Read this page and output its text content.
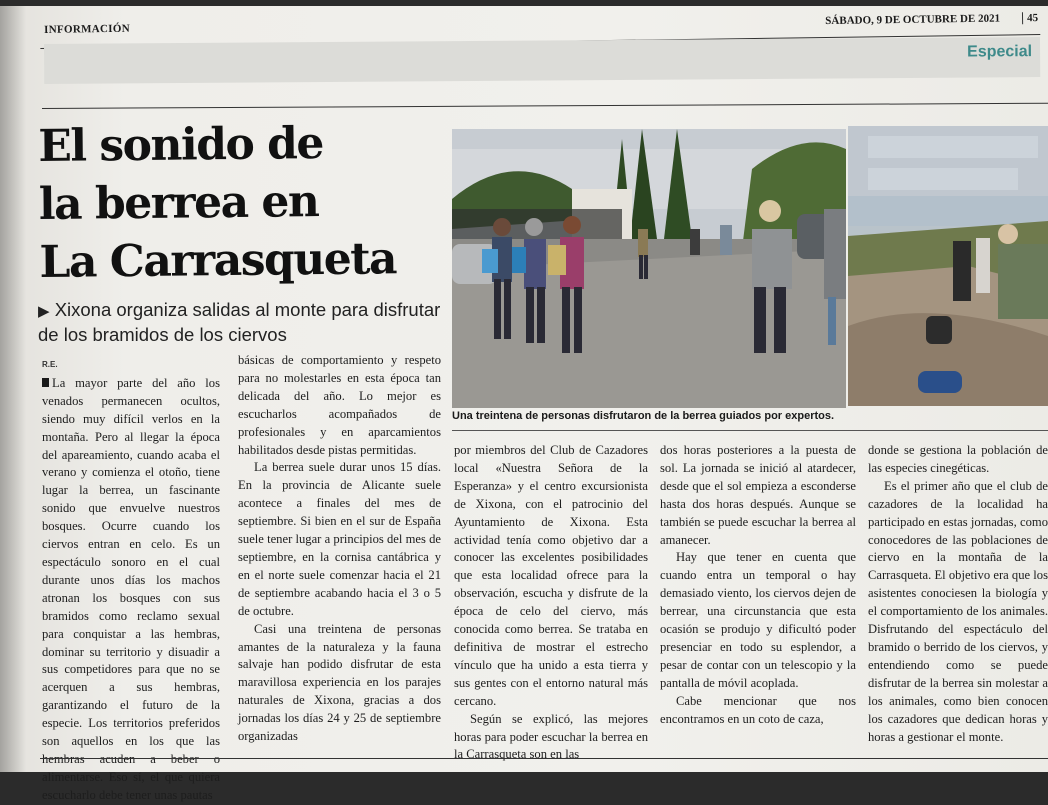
INFORMACIÓN
SÁBADO, 9 DE OCTUBRE DE 2021	45
Especial
El sonido de
la berrea en
La Carrasqueta

▶ Xixona organiza salidas al monte para disfrutar de los bramidos de los ciervos

Una treintena de personas disfrutaron de la berrea guiados por expertos.
R.E.

La mayor parte del año los venados permanecen ocultos, siendo muy difícil verlos en la montaña. Pero al llegar la época del apareamiento, cuando acaba el verano y comienza el otoño, tiene lugar la berrea, un fascinante sonido que envuelve nuestros bosques. Ocurre cuando los ciervos entran en celo. Es un espectáculo sonoro en el cual durante unos días los machos atronan los bosques con sus bramidos como reclamo sexual para conquistar a las hembras, dominar su territorio y disuadir a sus competidores para que no se acerquen a sus hembras, garantizando el futuro de la especie. Los territorios preferidos son aquellos en los que las hembras acuden a beber o alimentarse. Eso sí, el que quiera escucharlo debe tener unas pautas

básicas de comportamiento y respeto para no molestarles en esta época tan delicada del año. Lo mejor es escucharlos acompañados de profesionales y en aparcamientos habilitados desde pistas permitidas.

La berrea suele durar unos 15 días. En la provincia de Alicante suele acontece a finales del mes de septiembre. Si bien en el sur de España suele tener lugar a principios del mes de septiembre, en la cornisa cantábrica y en el norte suele comenzar hacia el 21 de septiembre acabando hacia el 3 o 5 de octubre.

Casi una treintena de personas amantes de la naturaleza y la fauna salvaje han podido disfrutar de esta maravillosa experiencia en los parajes naturales de Xixona, gracias a dos jornadas los días 24 y 25 de septiembre organizadas

por miembros del Club de Cazadores local «Nuestra Señora de la Esperanza» y el centro excursionista de Xixona, con el patrocinio del Ayuntamiento de Xixona. Esta actividad tenía como objetivo dar a conocer las excelentes posibilidades que esta localidad ofrece para la observación, escucha y disfrute de la época de celo del ciervo, más conocida como berrea. Se trataba en definitiva de mostrar el estrecho vínculo que ha unido a esta tierra y sus gentes con el entorno natural más cercano.

Según se explicó, las mejores horas para poder escuchar la berrea en la Carrasqueta son en las

dos horas posteriores a la puesta de sol. La jornada se inició al atardecer, desde que el sol empieza a esconderse hasta dos horas después. Aunque se también se puede escuchar la berrea al amanecer.

Hay que tener en cuenta que cuando entra un temporal o hay demasiado viento, los ciervos dejen de berrear, una circunstancia que esta ocasión se produjo y dificultó poder presenciar en todo su esplendor, a pesar de contar con un telescopio y la pantalla de móvil acoplada.

Cabe mencionar que nos encontramos en un coto de caza,

donde se gestiona la población de las especies cinegéticas.

Es el primer año que el club de cazadores de la localidad ha participado en estas jornadas, como conocedores de las poblaciones de ciervo en la montaña de la Carrasqueta. El objetivo era que los asistentes conociesen la biología y el comportamiento de los animales. Disfrutando del espectáculo del bramido o berrido de los ciervos, y entendiendo como se puede disfrutar de la berrea sin molestar a los animales, como bien conocen los cazadores que dedican horas y horas a gestionar el monte.
